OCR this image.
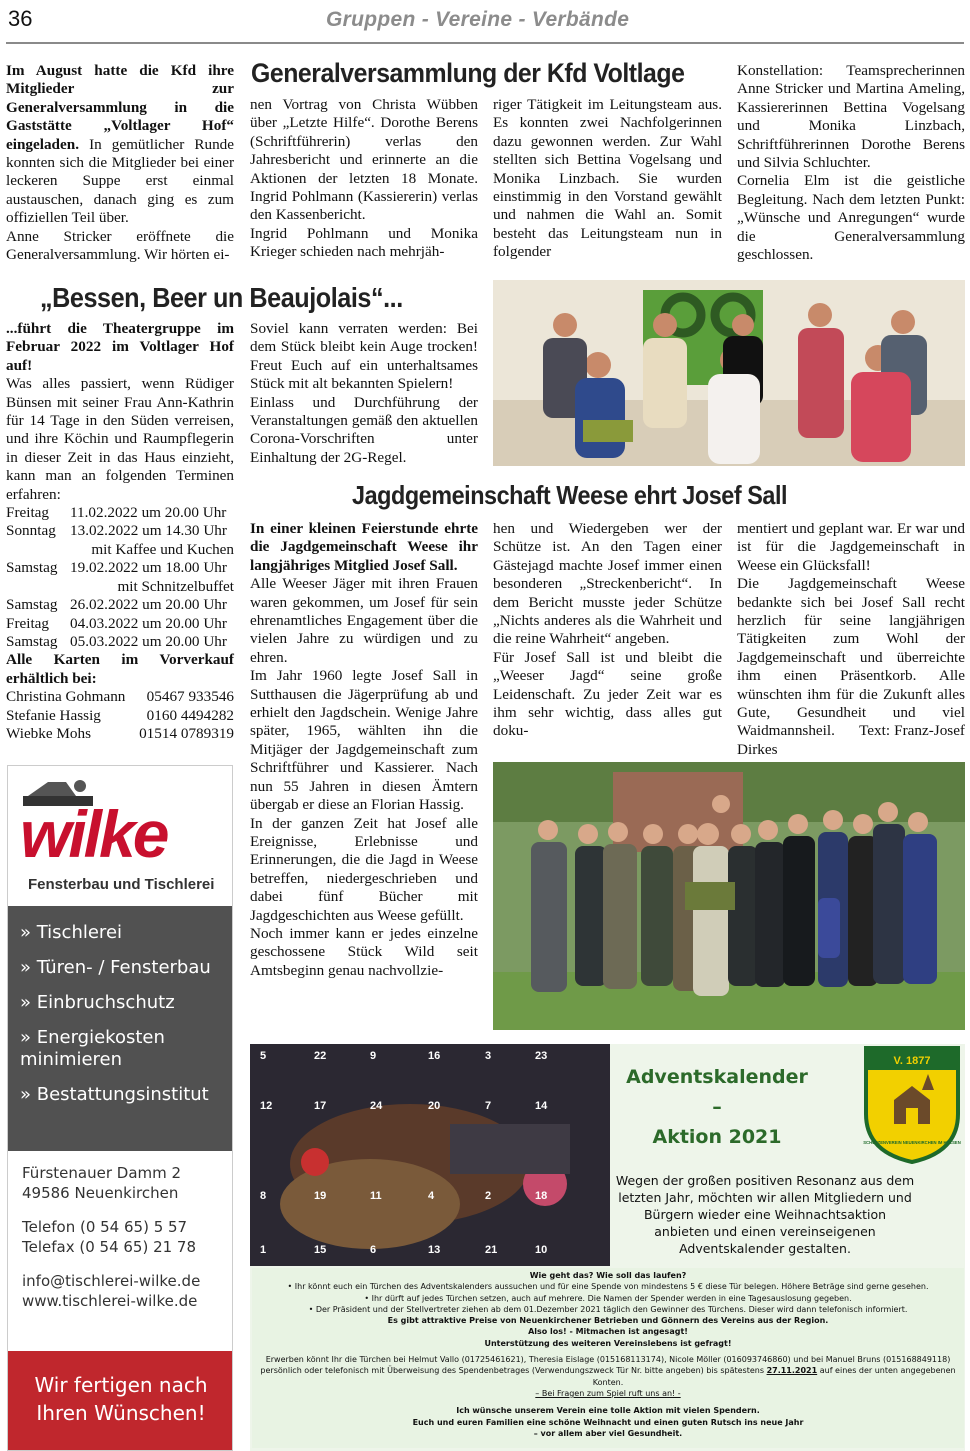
36	Gruppen - Vereine - Verbände

Im August hatte die Kfd ihre Mitglieder zur Generalversammlung in die Gaststätte „Voltlager Hof“ eingeladen. In gemütlicher Runde konnten sich die Mitglieder bei einer leckeren Suppe erst einmal austauschen, danach ging es zum offiziellen Teil über.

Anne Stricker eröffnete die Generalversammlung. Wir hörten ei-

Generalversammlung der Kfd Voltlage

nen Vortrag von Christa Wübben über „Letzte Hilfe“. Dorothe Berens (Schriftführerin) verlas den Jahresbericht und erinnerte an die Aktionen der letzten 18 Monate. Ingrid Pohlmann (Kassiererin) verlas den Kassenbericht.

Ingrid Pohlmann und Monika Krieger schieden nach mehrjäh-

riger Tätigkeit im Leitungsteam aus. Es konnten zwei Nachfolgerinnen dazu gewonnen werden. Zur Wahl stellten sich Bettina Vogelsang und Monika Linzbach. Sie wurden einstimmig in den Vorstand gewählt und nahmen die Wahl an. Somit besteht das Leitungsteam nun in folgender

Konstellation: Teamsprecherinnen Anne Stricker und Martina Ameling, Kassiererinnen Bettina Vogelsang und Monika Linzbach, Schriftführerinnen Dorothe Berens und Silvia Schluchter.

Cornelia Elm ist die geistliche Begleitung. Nach dem letzten Punkt: „Wünsche und Anregungen“ wurde die Generalversammlung geschlossen.

„Bessen, Beer un Beaujolais“...

...führt die Theatergruppe im Februar 2022 im Voltlager Hof auf!

Was alles passiert, wenn Rüdiger Bünsen mit seiner Frau Ann-Kathrin für 14 Tage in den Süden verreisen, und ihre Köchin und Raumpflegerin in dieser Zeit in das Haus einzieht, kann man an folgenden Terminen erfahren:

Freitag	11.02.2022 um 20.00 Uhr
Sonntag 13.02.2022 um 14.30 Uhr
mit Kaffee und Kuchen
Samstag 19.02.2022 um 18.00 Uhr
mit Schnitzelbuffet
Samstag 26.02.2022 um 20.00 Uhr
Freitag	04.03.2022 um 20.00 Uhr
Samstag 05.03.2022 um 20.00 Uhr

Alle Karten im Vorverkauf erhältlich bei:

Christina Gohmann 05467 933546
Stefanie Hassig	0160 4494282
Wiebke Mohs	01514 0789319

Soviel kann verraten werden: Bei dem Stück bleibt kein Auge trocken! Freut Euch auf ein unterhaltsames Stück mit alt bekannten Spielern!

Einlass und Durchführung der Veranstaltungen gemäß den aktuellen Corona-Vorschriften unter Einhaltung der 2G-Regel.

Jagdgemeinschaft Weese ehrt Josef Sall

In einer kleinen Feierstunde ehrte die Jagdgemeinschaft Weese ihr langjähriges Mitglied Josef Sall.

Alle Weeser Jäger mit ihren Frauen waren gekommen, um Josef für sein ehrenamtliches Engagement über die vielen Jahre zu würdigen und zu ehren.

Im Jahr 1960 legte Josef Sall in Sutthausen die Jägerprüfung ab und erhielt den Jagdschein. Wenige Jahre später, 1965, wählten ihn die Mitjäger der Jagdgemeinschaft zum Schriftführer und Kassierer. Nach nun 55 Jahren in diesen Ämtern übergab er diese an Florian Hassig.

In der ganzen Zeit hat Josef alle Ereignisse, Erlebnisse und Erinnerungen, die die Jagd in Weese betreffen, niedergeschrieben und dabei fünf Bücher mit Jagdgeschichten aus Weese gefüllt.

Noch immer kann er jedes einzelne geschossene Stück Wild seit Amtsbeginn genau nachvollzie-

hen und Wiedergeben wer der Schütze ist. An den Tagen einer Gästejagd machte Josef immer einen besonderen „Streckenbericht“. In dem Bericht musste jeder Schütze „Nichts anderes als die Wahrheit und die reine Wahrheit“ angeben.

Für Josef Sall ist und bleibt die „Weeser Jagd“ seine große Leidenschaft. Zu jeder Zeit war es ihm sehr wichtig, dass alles gut doku-

mentiert und geplant war. Er war und ist für die Jagdgemeinschaft in Weese ein Glücksfall!

Die Jagdgemeinschaft Weese bedankte sich bei Josef Sall recht herzlich für seine langjährigen Tätigkeiten zum Wohl der Jagdgemeinschaft und überreichte ihm einen Präsentkorb. Alle wünschten ihm für die Zukunft alles Gute, Gesundheit und viel Waidmannsheil. Text: Franz-Josef Dirkes

wilke
Fensterbau und Tischlerei
» Tischlerei
» Türen- / Fensterbau
» Einbruchschutz
» Energiekosten minimieren
» Bestattungsinstitut
Fürstenauer Damm 2
49586 Neuenkirchen
Telefon (0 54 65) 5 57
Telefax (0 54 65) 21 78
info@tischlerei-wilke.de
www.tischlerei-wilke.de
Wir fertigen nach
Ihren Wünschen!
5	22	9	16	3	23
12	17	24	20	7	14
8	19	11	4	2	18
1	15	6	13	21	10
Adventskalender
–
Aktion 2021
V. 1877
SCHÜTZENVEREIN NEUENKIRCHEN IM HÜLSEN
Wegen der großen positiven Resonanz aus dem letzten Jahr, möchten wir allen Mitgliedern und Bürgern wieder eine Weihnachtsaktion anbieten und einen vereinseigenen Adventskalender gestalten.
Wie geht das? Wie soll das laufen?
• Ihr könnt euch ein Türchen des Adventskalenders aussuchen und für eine Spende von mindestens 5 € diese Tür belegen. Höhere Beträge sind gerne gesehen.
• Ihr dürft auf jedes Türchen setzen, auch auf mehrere. Die Namen der Spender werden in eine Tagesauslosung gegeben.
• Der Präsident und der Stellvertreter ziehen ab dem 01.Dezember 2021 täglich den Gewinner des Türchens. Dieser wird dann telefonisch informiert.
Es gibt attraktive Preise von Neuenkirchener Betrieben und Gönnern des Vereins aus der Region.
Also los! - Mitmachen ist angesagt!
Unterstützung des weiteren Vereinslebens ist gefragt!
Erwerben könnt Ihr die Türchen bei Helmut Vallo (01725461621), Theresia Eislage (015168113174), Nicole Möller (016093746860) und bei Manuel Bruns (015168849118) persönlich oder telefonisch mit Überweisung des Spendenbetrages (Verwendungszweck Tür Nr. bitte angeben) bis spätestens 27.11.2021 auf eines der unten angegebenen Konten.
– Bei Fragen zum Spiel ruft uns an! -
Ich wünsche unserem Verein eine tolle Aktion mit vielen Spendern.
Euch und euren Familien eine schöne Weihnacht und einen guten Rutsch ins neue Jahr
– vor allem aber viel Gesundheit.
